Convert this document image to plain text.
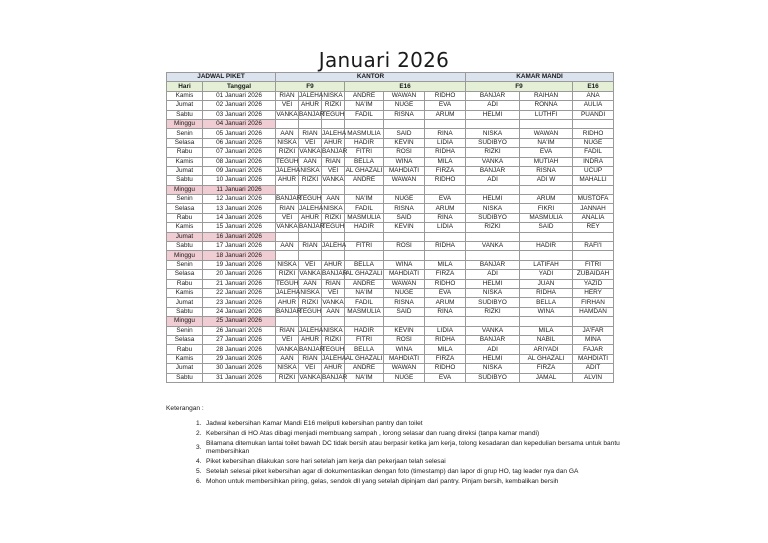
Januari 2026
JADWAL PIKET		KANTOR						KAMAR MANDI		
Hari	Tanggal	F9			E16			F9		E16
Kamis	01 Januari 2026	RIAN	JALEHA	NISKA	ANDRE	WAWAN	RIDHO	BANJAR	RAIHAN	ANA
Jumat	02 Januari 2026	VEI	AHUR	RIZKI	NA'IM	NUGE	EVA	ADI	RONNA	AULIA
Sabtu	03 Januari 2026	VANKA	BANJAR	TEGUH	FADIL	RISNA	ARUM	HELMI	LUTHFI	PUANDI
Minggu	04 Januari 2026									
Senin	05 Januari 2026	AAN	RIAN	JALEHA	MASMULIA	SAID	RINA	NISKA	WAWAN	RIDHO
Selasa	06 Januari 2026	NISKA	VEI	AHUR	HADIR	KEVIN	LIDIA	SUDIBYO	NA'IM	NUGE
Rabu	07 Januari 2026	RIZKI	VANKA	BANJAR	FITRI	ROSI	RIDHA	RIZKI	EVA	FADIL
Kamis	08 Januari 2026	TEGUH	AAN	RIAN	BELLA	WINA	MILA	VANKA	MUTIAH	INDRA
Jumat	09 Januari 2026	JALEHA	NISKA	VEI	AL GHAZALI	MAHDIATI	FIRZA	BANJAR	RISNA	UCUP
Sabtu	10 Januari 2026	AHUR	RIZKI	VANKA	ANDRE	WAWAN	RIDHO	ADI	ADI W	MAHALLI
Minggu	11 Januari 2026									
Senin	12 Januari 2026	BANJAR	TEGUH	AAN	NA'IM	NUGE	EVA	HELMI	ARUM	MUSTOFA
Selasa	13 Januari 2026	RIAN	JALEHA	NISKA	FADIL	RISNA	ARUM	NISKA	FIKRI	JANNAH
Rabu	14 Januari 2026	VEI	AHUR	RIZKI	MASMULIA	SAID	RINA	SUDIBYO	MASMULIA	ANALIA
Kamis	15 Januari 2026	VANKA	BANJAR	TEGUH	HADIR	KEVIN	LIDIA	RIZKI	SAID	REY
Jumat	16 Januari 2026									
Sabtu	17 Januari 2026	AAN	RIAN	JALEHA	FITRI	ROSI	RIDHA	VANKA	HADIR	RAFI'I
Minggu	18 Januari 2026									
Senin	19 Januari 2026	NISKA	VEI	AHUR	BELLA	WINA	MILA	BANJAR	LATIFAH	FITRI
Selasa	20 Januari 2026	RIZKI	VANKA	BANJAR	AL GHAZALI	MAHDIATI	FIRZA	ADI	YADI	ZUBAIDAH
Rabu	21 Januari 2026	TEGUH	AAN	RIAN	ANDRE	WAWAN	RIDHO	HELMI	JUAN	YAZID
Kamis	22 Januari 2026	JALEHA	NISKA	VEI	NA'IM	NUGE	EVA	NISKA	RIDHA	HERY
Jumat	23 Januari 2026	AHUR	RIZKI	VANKA	FADIL	RISNA	ARUM	SUDIBYO	BELLA	FIRHAN
Sabtu	24 Januari 2026	BANJAR	TEGUH	AAN	MASMULIA	SAID	RINA	RIZKI	WINA	HAMDAN
Minggu	25 Januari 2026									
Senin	26 Januari 2026	RIAN	JALEHA	NISKA	HADIR	KEVIN	LIDIA	VANKA	MILA	JA'FAR
Selasa	27 Januari 2026	VEI	AHUR	RIZKI	FITRI	ROSI	RIDHA	BANJAR	NABIL	MINA
Rabu	28 Januari 2026	VANKA	BANJAR	TEGUH	BELLA	WINA	MILA	ADI	ARIYADI	FAJAR
Kamis	29 Januari 2026	AAN	RIAN	JALEHA	AL GHAZALI	MAHDIATI	FIRZA	HELMI	AL GHAZALI	MAHDIATI
Jumat	30 Januari 2026	NISKA	VEI	AHUR	ANDRE	WAWAN	RIDHO	NISKA	FIRZA	ADIT
Sabtu	31 Januari 2026	RIZKI	VANKA	BANJAR	NA'IM	NUGE	EVA	SUDIBYO	JAMAL	ALVIN
Keterangan :
1. Jadwal kebersihan Kamar Mandi E16 meliputi kebersihan pantry dan toilet
2. Kebersihan di HO Atas dibagi menjadi membuang sampah , lorong selasar dan ruang direksi (tanpa kamar mandi)
3.
Bilamana ditemukan lantai toilet bawah DC tidak bersih atau berpasir ketika jam kerja, tolong kesadaran dan kepedulian bersama untuk bantu membersihkan
4. Piket kebersihan dilakukan sore hari setelah jam kerja dan pekerjaan telah selesai
5. Setelah selesai piket kebersihan agar di dokumentasikan dengan foto (timestamp) dan lapor di grup HO, tag leader nya dan GA
6. Mohon untuk membersihkan piring, gelas, sendok dll yang setelah dipinjam dari pantry. Pinjam bersih, kembalikan bersih
